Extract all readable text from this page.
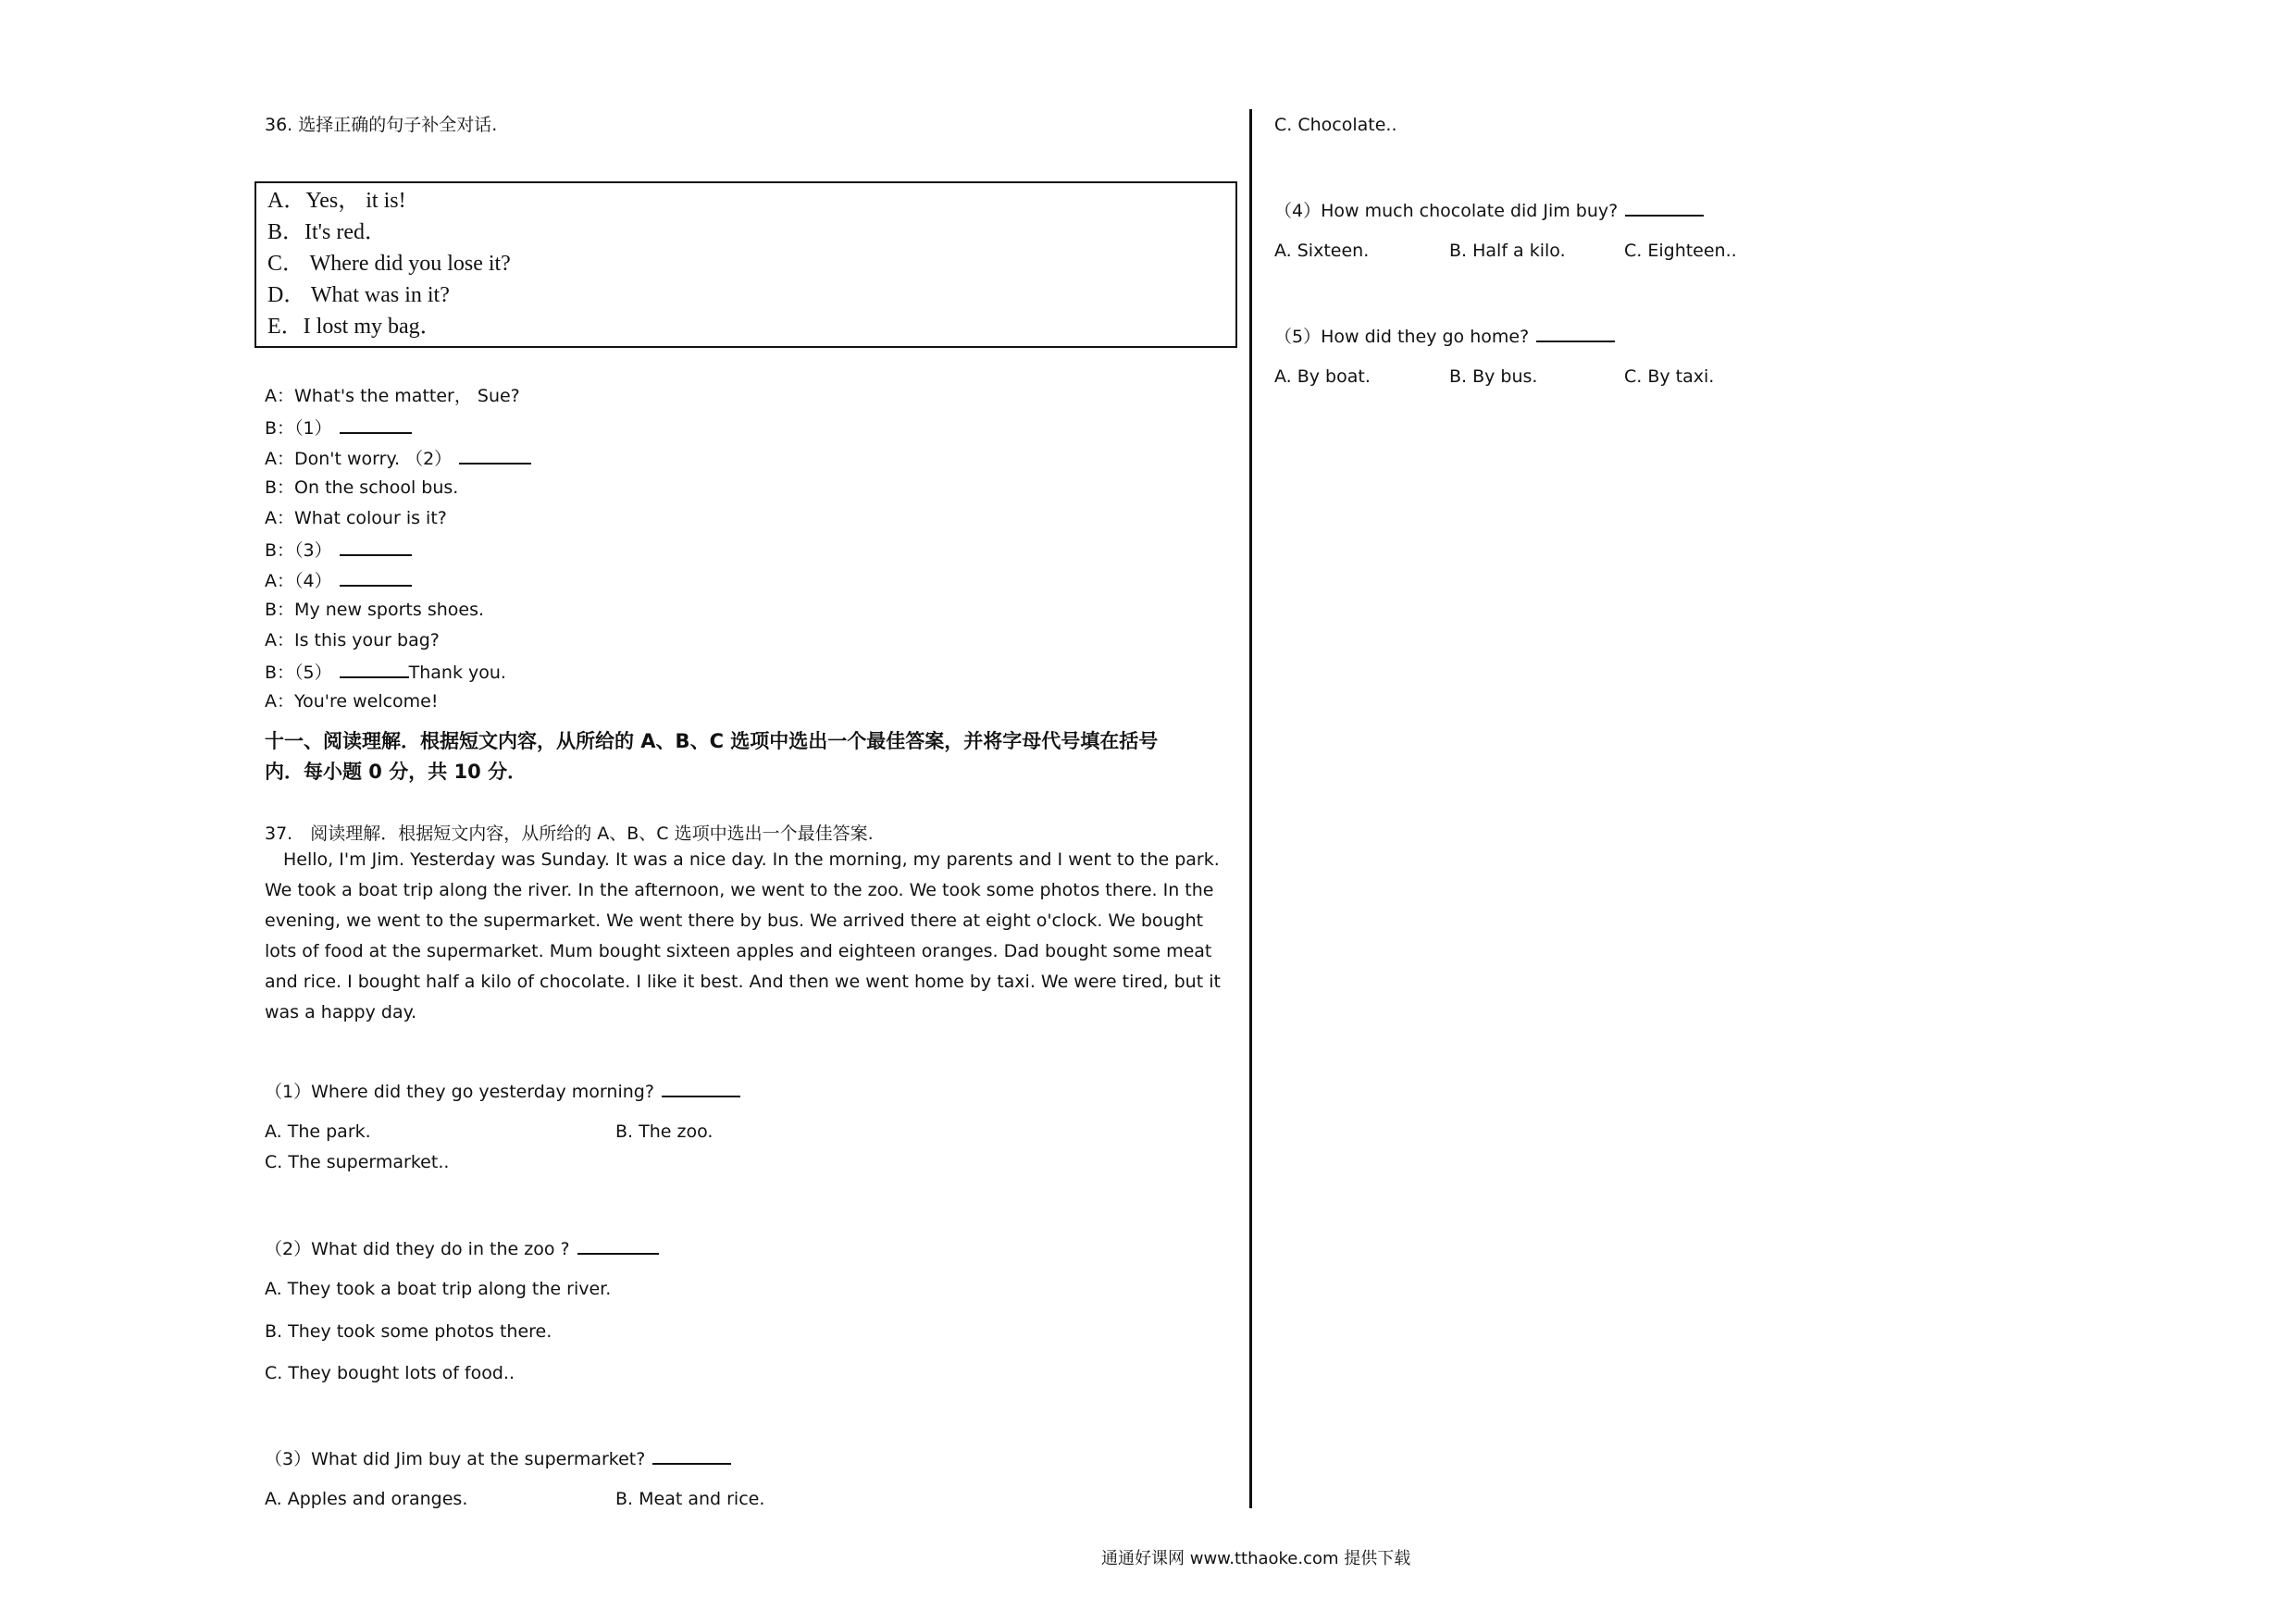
36. 选择正确的句子补全对话.
A．Yes， it is!
B．It's red．
C． Where did you lose it?
D． What was in it?
E．I lost my bag．
A：What's the matter， Sue?
B：（1）
A：Don't worry. （2）
B：On the school bus.
A：What colour is it?
B：（3）
A：（4）
B：My new sports shoes.
A：Is this your bag?
B：（5）	Thank you.
A：You're welcome!
十一、阅读理解．根据短文内容，从所给的 A、B、C 选项中选出一个最佳答案，并将字母代号填在括号
内．每小题 0 分，共 10 分．
37.　阅读理解．根据短文内容，从所给的 A、B、C 选项中选出一个最佳答案.
Hello, I'm Jim. Yesterday was Sunday. It was a nice day. In the morning, my parents and I went to the park. We took a boat trip along the river. In the afternoon, we went to the zoo. We took some photos there. In the evening, we went to the supermarket. We went there by bus. We arrived there at eight o'clock. We bought lots of food at the supermarket. Mum bought sixteen apples and eighteen oranges. Dad bought some meat and rice. I bought half a kilo of chocolate. I like it best. And then we went home by taxi. We were tired, but it was a happy day.
（1）Where did they go yesterday morning?
A. The park.	B. The zoo.
C. The supermarket..
（2）What did they do in the zoo ?
A. They took a boat trip along the river.
B. They took some photos there.
C. They bought lots of food..
（3）What did Jim buy at the supermarket?
A. Apples and oranges.	B. Meat and rice.
C. Chocolate..
（4）How much chocolate did Jim buy?
A. Sixteen.	B. Half a kilo.	C. Eighteen..
（5）How did they go home?
A. By boat.	B. By bus.	C. By taxi.
通通好课网 www.tthaoke.com 提供下载
